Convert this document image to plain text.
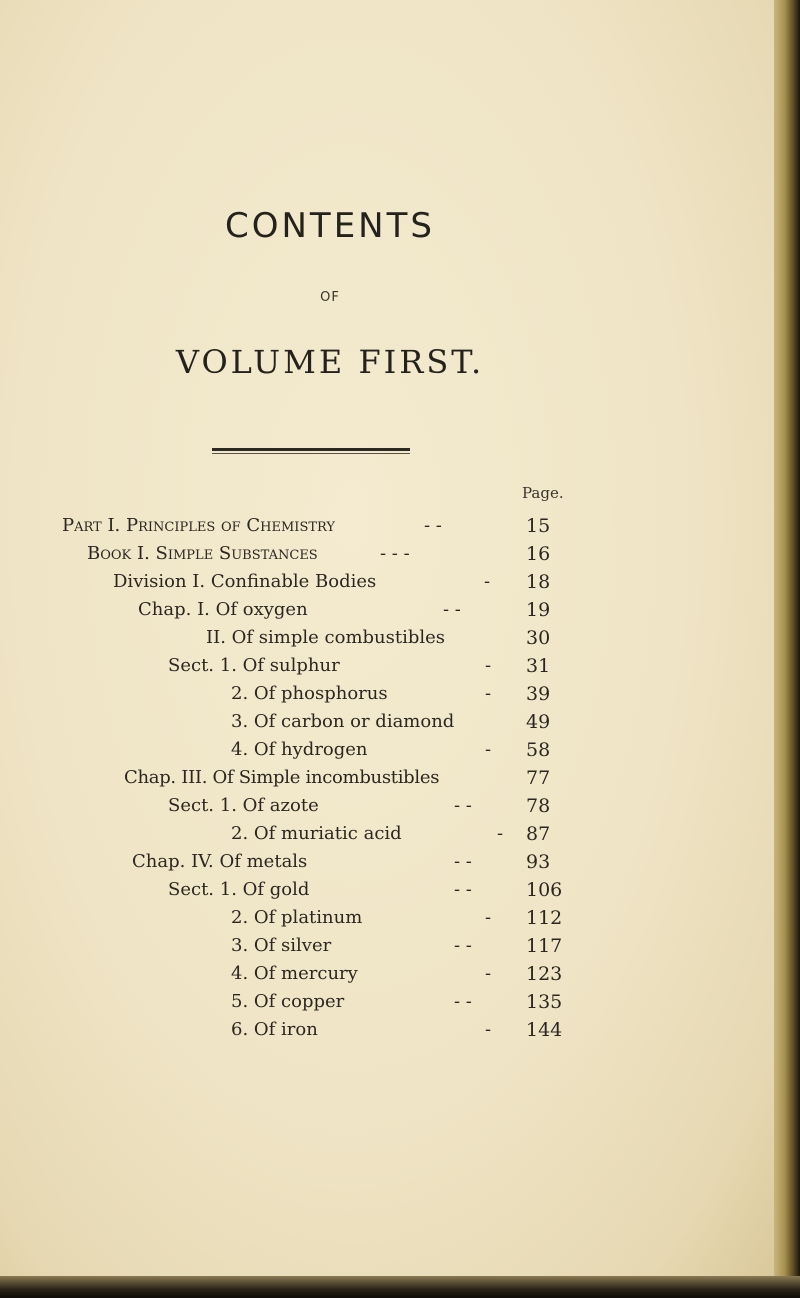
CONTENTS
OF
VOLUME FIRST.
Page.
Part I. Principles of Chemistry	- -	15
Book I. Simple Substances	- - -	16
Division I. Confinable Bodies	- 18
Chap. I. Of oxygen	- -	19
II. Of simple combustibles	30
Sect. 1. Of sulphur	- 31
2. Of phosphorus	- 39
3. Of carbon or diamond	49
4. Of hydrogen	- 58
Chap. III. Of Simple incombustibles	77
Sect. 1. Of azote	- -	78
2. Of muriatic acid	- 87
Chap. IV. Of metals	- -	93
Sect. 1. Of gold	- -	106
2. Of platinum	- 112
3. Of silver	- -	117
4. Of mercury	- 123
5. Of copper	- -	135
6. Of iron	- 144
